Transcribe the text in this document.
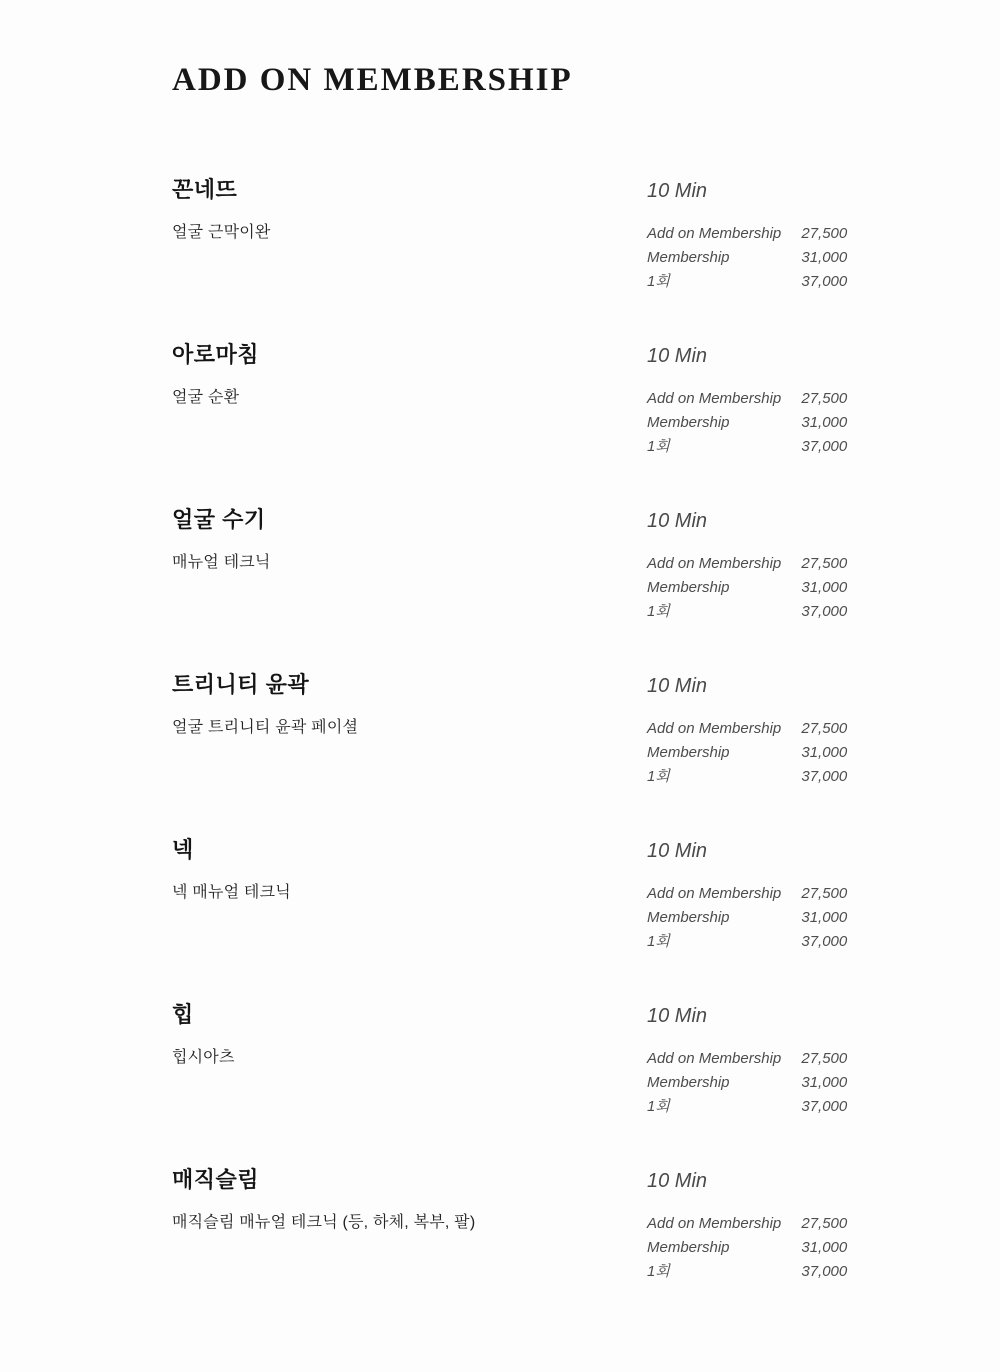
ADD ON MEMBERSHIP
꼰네뜨	10 Min
얼굴 근막이완	Add on Membership	27,500
Membership	31,000
1회	37,000
아로마침	10 Min
얼굴 순환	Add on Membership	27,500
Membership	31,000
1회	37,000
얼굴 수기	10 Min
매뉴얼 테크닉	Add on Membership	27,500
Membership	31,000
1회	37,000
트리니티 윤곽	10 Min
얼굴 트리니티 윤곽 페이셜	Add on Membership	27,500
Membership	31,000
1회	37,000
넥	10 Min
넥 매뉴얼 테크닉	Add on Membership	27,500
Membership	31,000
1회	37,000
힙	10 Min
힙시아츠	Add on Membership	27,500
Membership	31,000
1회	37,000
매직슬림	10 Min
매직슬림 매뉴얼 테크닉 (등, 하체, 복부, 팔)	Add on Membership	27,500
Membership	31,000
1회	37,000
